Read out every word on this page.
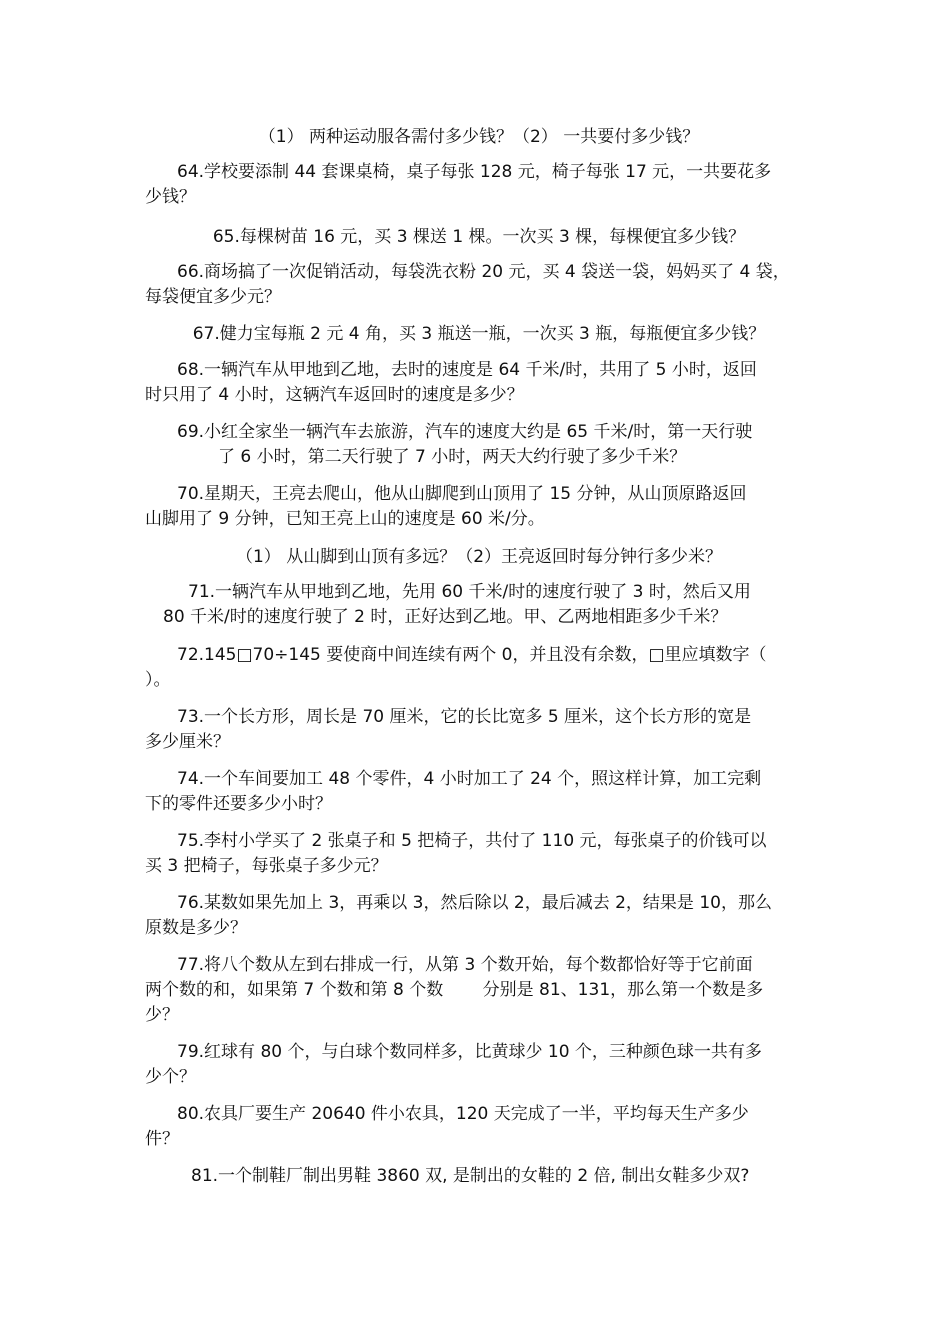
（1） 两种运动服各需付多少钱？（2） 一共要付多少钱？

64.学校要添制 44 套课桌椅，桌子每张 128 元，椅子每张 17 元，一共要花多

少钱？

65.每棵树苗 16 元，买 3 棵送 1 棵。一次买 3 棵，每棵便宜多少钱？

66.商场搞了一次促销活动，每袋洗衣粉 20 元，买 4 袋送一袋，妈妈买了 4 袋，

每袋便宜多少元？

67.健力宝每瓶 2 元 4 角，买 3 瓶送一瓶，一次买 3 瓶，每瓶便宜多少钱？

68.一辆汽车从甲地到乙地，去时的速度是 64 千米/时，共用了 5 小时，返回

时只用了 4 小时，这辆汽车返回时的速度是多少？

69.小红全家坐一辆汽车去旅游，汽车的速度大约是 65 千米/时，第一天行驶

了 6 小时，第二天行驶了 7 小时，两天大约行驶了多少千米？

70.星期天，王亮去爬山，他从山脚爬到山顶用了 15 分钟，从山顶原路返回

山脚用了 9 分钟，已知王亮上山的速度是 60 米/分。

（1） 从山脚到山顶有多远？（2）王亮返回时每分钟行多少米？

71.一辆汽车从甲地到乙地，先用 60 千米/时的速度行驶了 3 时，然后又用

80 千米/时的速度行驶了 2 时，正好达到乙地。甲、乙两地相距多少千米？

72.145□70÷145 要使商中间连续有两个 0，并且没有余数，□里应填数字（

）。

73.一个长方形，周长是 70 厘米，它的长比宽多 5 厘米，这个长方形的宽是

多少厘米？

74.一个车间要加工 48 个零件，4 小时加工了 24 个，照这样计算，加工完剩

下的零件还要多少小时？

75.李村小学买了 2 张桌子和 5 把椅子，共付了 110 元，每张桌子的价钱可以

买 3 把椅子，每张桌子多少元？

76.某数如果先加上 3，再乘以 3，然后除以 2，最后减去 2，结果是 10，那么

原数是多少？

77.将八个数从左到右排成一行，从第 3 个数开始，每个数都恰好等于它前面

两个数的和，如果第 7 个数和第 8 个数　　 分别是 81、131，那么第一个数是多

少？

79.红球有 80 个，与白球个数同样多，比黄球少 10 个，三种颜色球一共有多

少个？

80.农具厂要生产 20640 件小农具，120 天完成了一半，平均每天生产多少

件？

81.一个制鞋厂制出男鞋 3860 双, 是制出的女鞋的 2 倍, 制出女鞋多少双?
